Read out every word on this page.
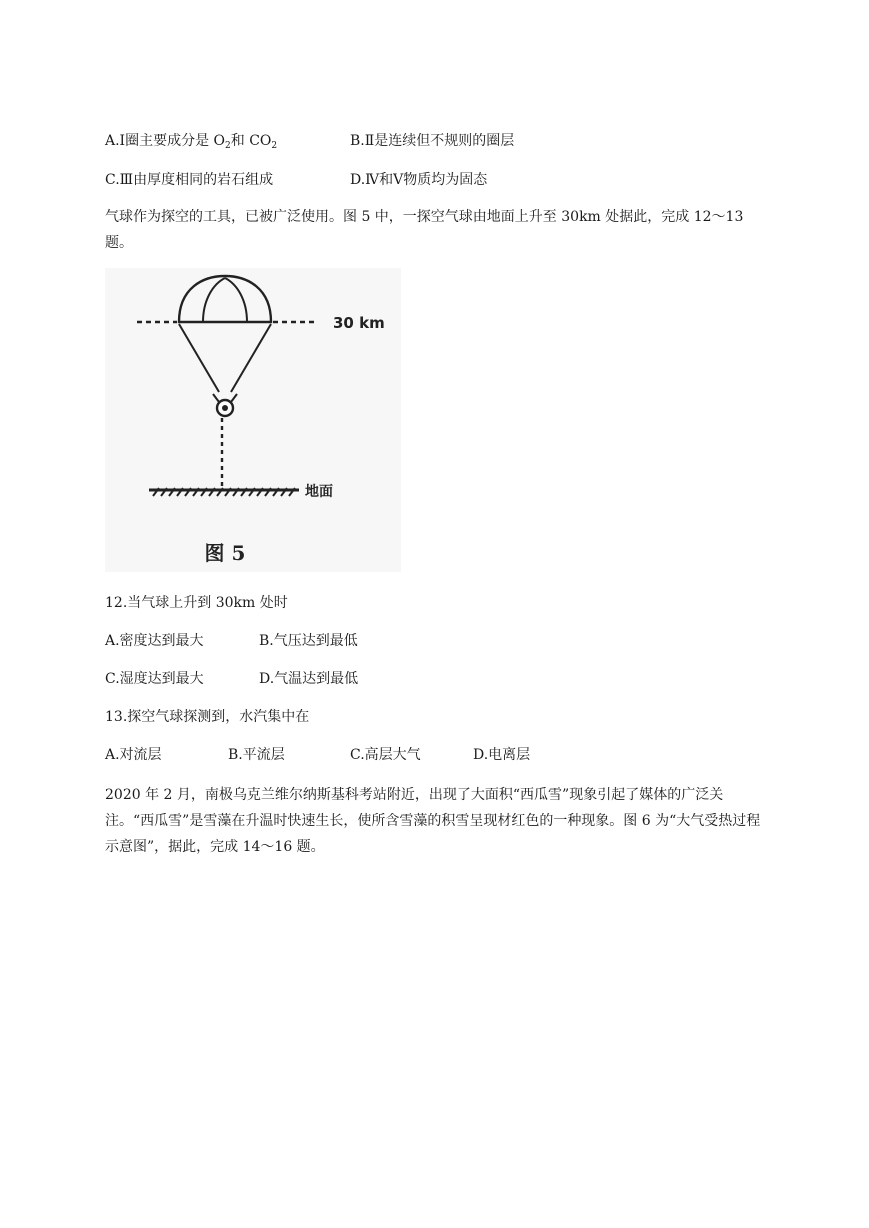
A.Ⅰ圈主要成分是 $O_2$和 $CO_2$	B.Ⅱ是连续但不规则的圈层
C.Ⅲ由厚度相同的岩石组成	D.Ⅳ和Ⅴ物质均为固态
气球作为探空的工具，已被广泛使用。图 5 中，一探空气球由地面上升至 30km 处据此，完成 12～13 题。
30 km
地面
图 5
12.当气球上升到 30km 处时
A.密度达到最大	B.气压达到最低
C.湿度达到最大	D.气温达到最低
13.探空气球探测到，水汽集中在
A.对流层	B.平流层	C.高层大气	D.电离层
2020 年 2 月，南极乌克兰维尔纳斯基科考站附近，出现了大面积“西瓜雪”现象引起了媒体的广泛关注。“西瓜雪”是雪藻在升温时快速生长，使所含雪藻的积雪呈现材红色的一种现象。图 6 为“大气受热过程示意图”，据此，完成 14～16 题。
